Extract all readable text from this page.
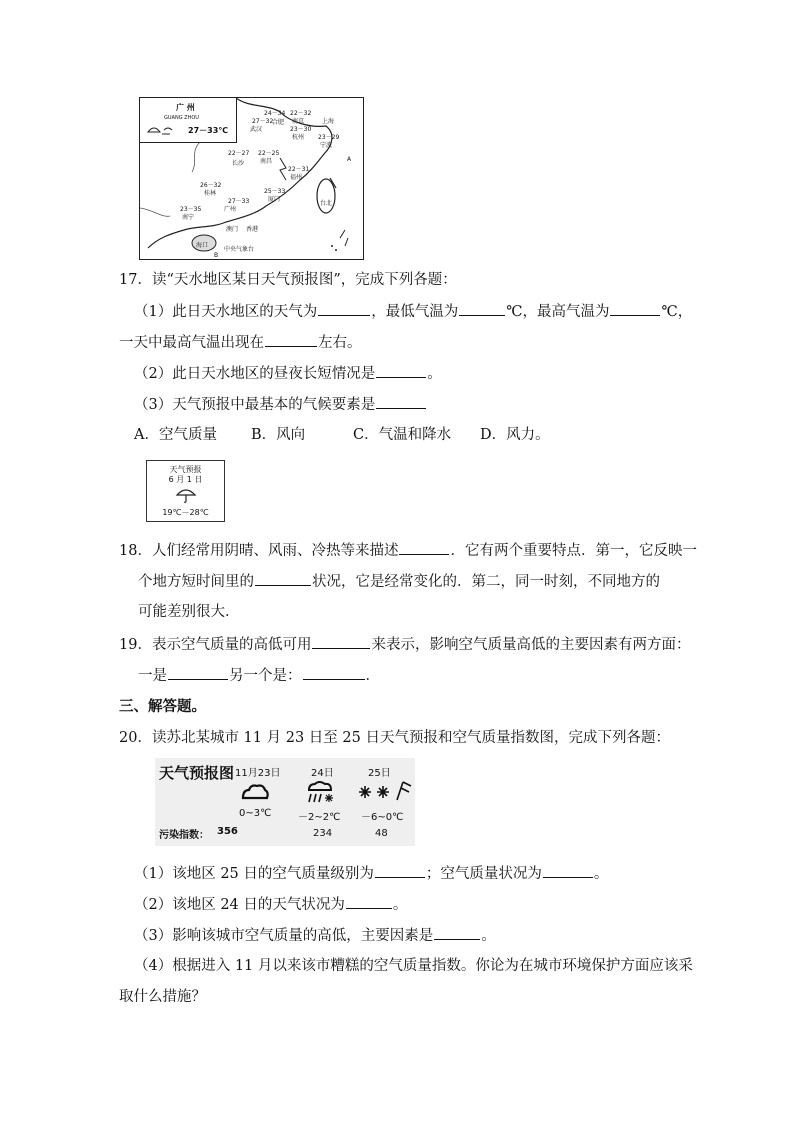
广 州
GUANG ZHOU
27－33℃
24－34 22－32
27－32
合肥 南京	上海
武汉	23－30
23－29
杭州
宁波
22－27 22－25
长沙	南昌
22－31
福州
26－32
25－33
桂林
台北
27－33	厦门
23－35	广州
南宁
澳门 香港
海口
中央气象台
A
B
17．读“天水地区某日天气预报图”，完成下列各题：
（1）此日天水地区的天气为	，最低气温为	℃，最高气温为	℃，
一天中最高气温出现在	左右。
（2）此日天水地区的昼夜长短情况是	。
（3）天气预报中最基本的气候要素是
A．空气质量 B．风向	C．气温和降水 D．风力。
天气预报
6 月 1 日
19℃－28℃
18．人们经常用阴晴、风雨、冷热等来描述	．它有两个重要特点．第一，它反映一
个地方短时间里的	状况，它是经常变化的．第二，同一时刻，不同地方的
可能差别很大．
19．表示空气质量的高低可用	来表示，影响空气质量高低的主要因素有两方面：
一是	另一个是：	．
三、解答题。
20．读苏北某城市 11 月 23 日至 25 日天气预报和空气质量指数图，完成下列各题：
天气预报图 11月23日	24日	25日
0~3℃	－2~2℃ －6~0℃
污染指数： 356	234	48
（1）该地区 25 日的空气质量级别为	；空气质量状况为	。
（2）该地区 24 日的天气状况为	。
（3）影响该城市空气质量的高低，主要因素是	。
（4）根据进入 11 月以来该市糟糕的空气质量指数。你论为在城市环境保护方面应该采
取什么措施？
